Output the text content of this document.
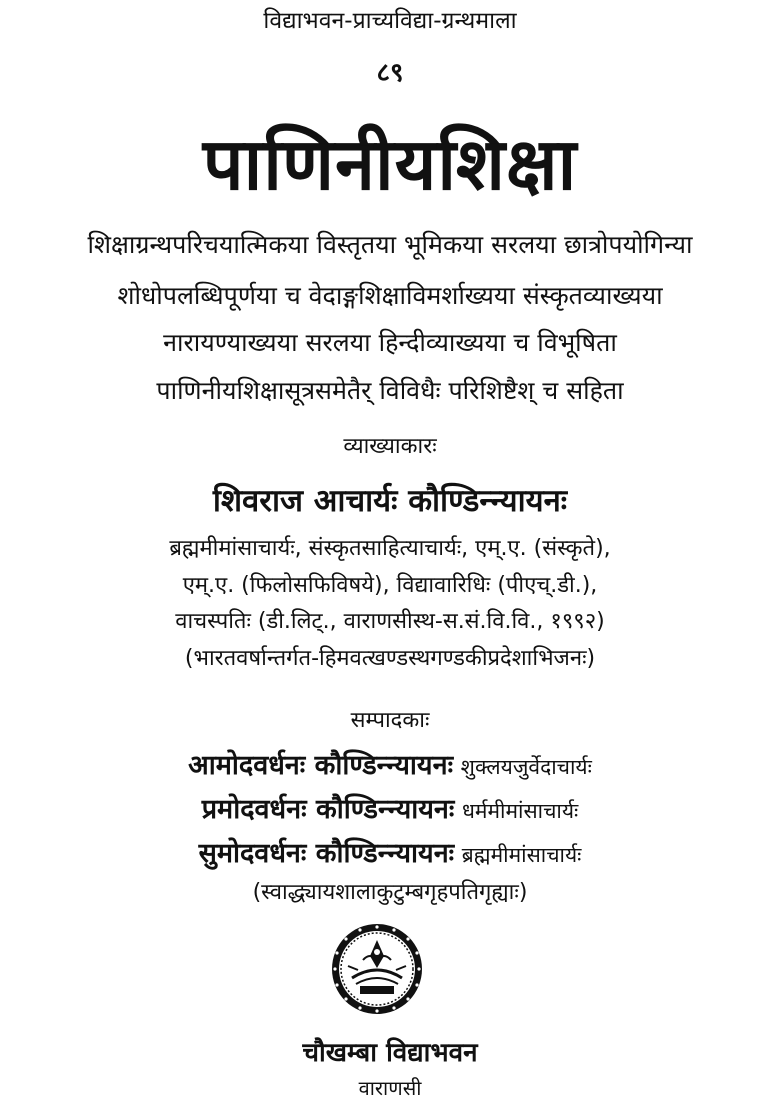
विद्याभवन-प्राच्यविद्या-ग्रन्थमाला
८९
पाणिनीयशिक्षा
शिक्षाग्रन्थपरिचयात्मिकया विस्तृतया भूमिकया सरलया छात्रोपयोगिन्या
शोधोपलब्धिपूर्णया च वेदाङ्गशिक्षाविमर्शाख्यया संस्कृतव्याख्यया
नारायण्याख्यया सरलया हिन्दीव्याख्यया च विभूषिता
पाणिनीयशिक्षासूत्रसमेतैर् विविधैः परिशिष्टैश् च सहिता
व्याख्याकारः
शिवराज आचार्यः कौण्डिन्न्यायनः
ब्रह्ममीमांसाचार्यः, संस्कृतसाहित्याचार्यः, एम्.ए. (संस्कृते),
एम्.ए. (फिलोसफिविषये), विद्यावारिधिः (पीएच्.डी.),
वाचस्पतिः (डी.लिट्., वाराणसीस्थ-स.सं.वि.वि., १९९२)
(भारतवर्षान्तर्गत-हिमवत्खण्डस्थगण्डकीप्रदेशाभिजनः)
सम्पादकाः
आमोदवर्धनः कौण्डिन्न्यायनः शुक्लयजुर्वेदाचार्यः
प्रमोदवर्धनः कौण्डिन्न्यायनः धर्ममीमांसाचार्यः
सुमोदवर्धनः कौण्डिन्न्यायनः ब्रह्ममीमांसाचार्यः
(स्वाद्ध्यायशालाकुटुम्बगृहपतिगृह्याः)
चौखम्बा विद्याभवन
वाराणसी
